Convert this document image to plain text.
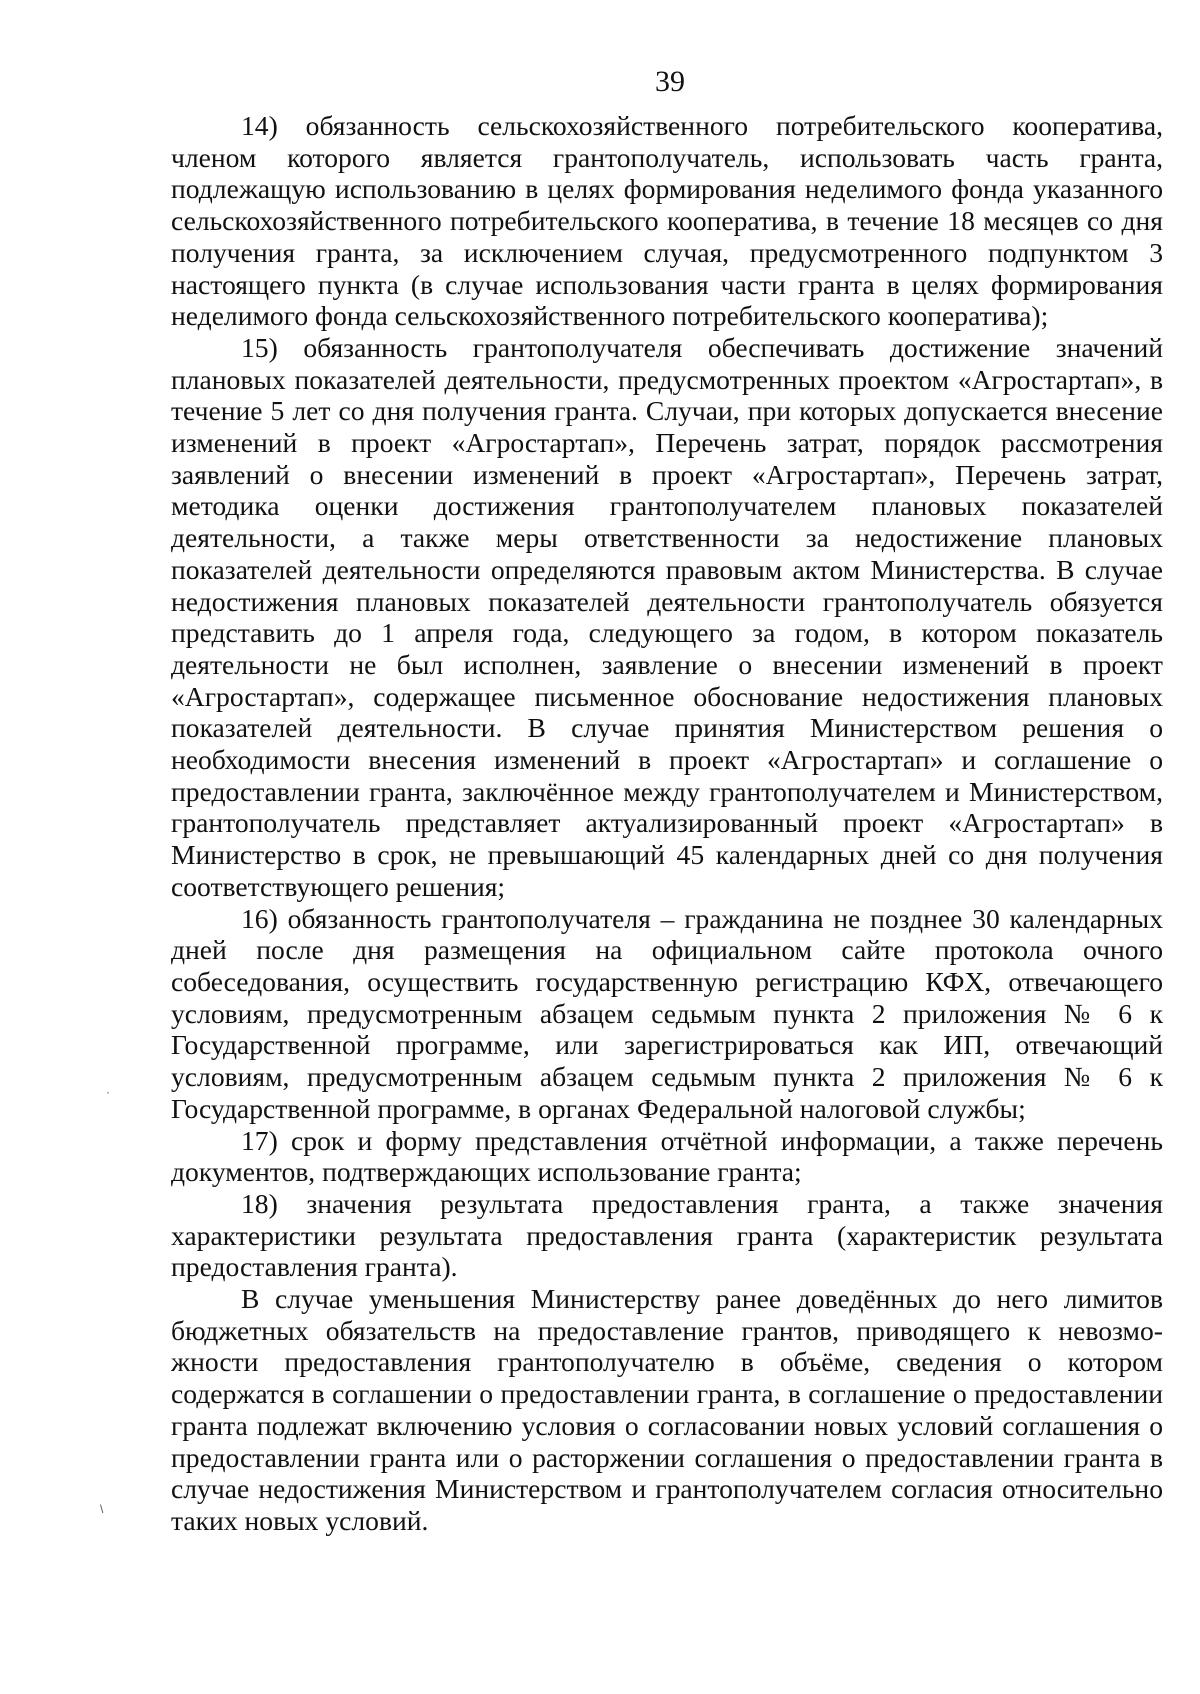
39

14) обязанность сельскохозяйственного потребительского кооператива, членом которого является грантополучатель, использовать часть гранта, подлежащую использованию в целях формирования неделимого фонда указанного сельскохозяйственного потребительского кооператива, в течение 18 месяцев со дня получения гранта, за исключением случая, предусмотренного подпунктом 3 настоящего пункта (в случае использования части гранта в целях формирования неделимого фонда сельскохозяйственного потребительского кооператива);

15) обязанность грантополучателя обеспечивать достижение значений плановых показателей деятельности, предусмотренных проектом «Агростартап», в течение 5 лет со дня получения гранта. Случаи, при которых допускается внесение изменений в проект «Агростартап», Перечень затрат, порядок рассмотрения заявлений о внесении изменений в проект «Агростартап», Перечень затрат, методика оценки достижения грантополучателем плановых показателей деятельности, а также меры ответственности за недостижение плановых показателей деятельности определяются правовым актом Министерства. В случае недостижения плановых показателей деятельности грантополучатель обязуется представить до 1 апреля года, следующего за годом, в котором показатель деятельности не был исполнен, заявление о внесении изменений в проект «Агростартап», содержащее письменное обоснование недостижения плановых показателей деятельности. В случае принятия Министерством решения о необходимости внесения изменений в проект «Агростартап» и соглашение о предоставлении гранта, заключённое между грантополучателем и Министерством, грантополучатель представляет актуализированный проект «Агростартап» в Министерство в срок, не превышающий 45 календарных дней со дня получения соответствующего решения;

16) обязанность грантополучателя – гражданина не позднее 30 календарных дней после дня размещения на официальном сайте протокола очного собеседования, осуществить государственную регистрацию КФХ, отвечающего условиям, предусмотренным абзацем седьмым пункта 2 приложения № 6 к Государственной программе, или зарегистрироваться как ИП, отвечающий условиям, предусмотренным абзацем седьмым пункта 2 приложения № 6 к Государственной программе, в органах Федеральной налоговой службы;

17) срок и форму представления отчётной информации, а также перечень документов, подтверждающих использование гранта;

18) значения результата предоставления гранта, а также значения характеристики результата предоставления гранта (характеристик результата предоставления гранта).

В случае уменьшения Министерству ранее доведённых до него лимитов бюджетных обязательств на предоставление грантов, приводящего к невозможности предоставления грантополучателю в объёме, сведения о котором содержатся в соглашении о предоставлении гранта, в соглашение о предоставлении гранта подлежат включению условия о согласовании новых условий соглашения о предоставлении гранта или о расторжении соглашения о предоставлении гранта в случае недостижения Министерством и грантополучателем согласия относительно таких новых условий.

·
\
